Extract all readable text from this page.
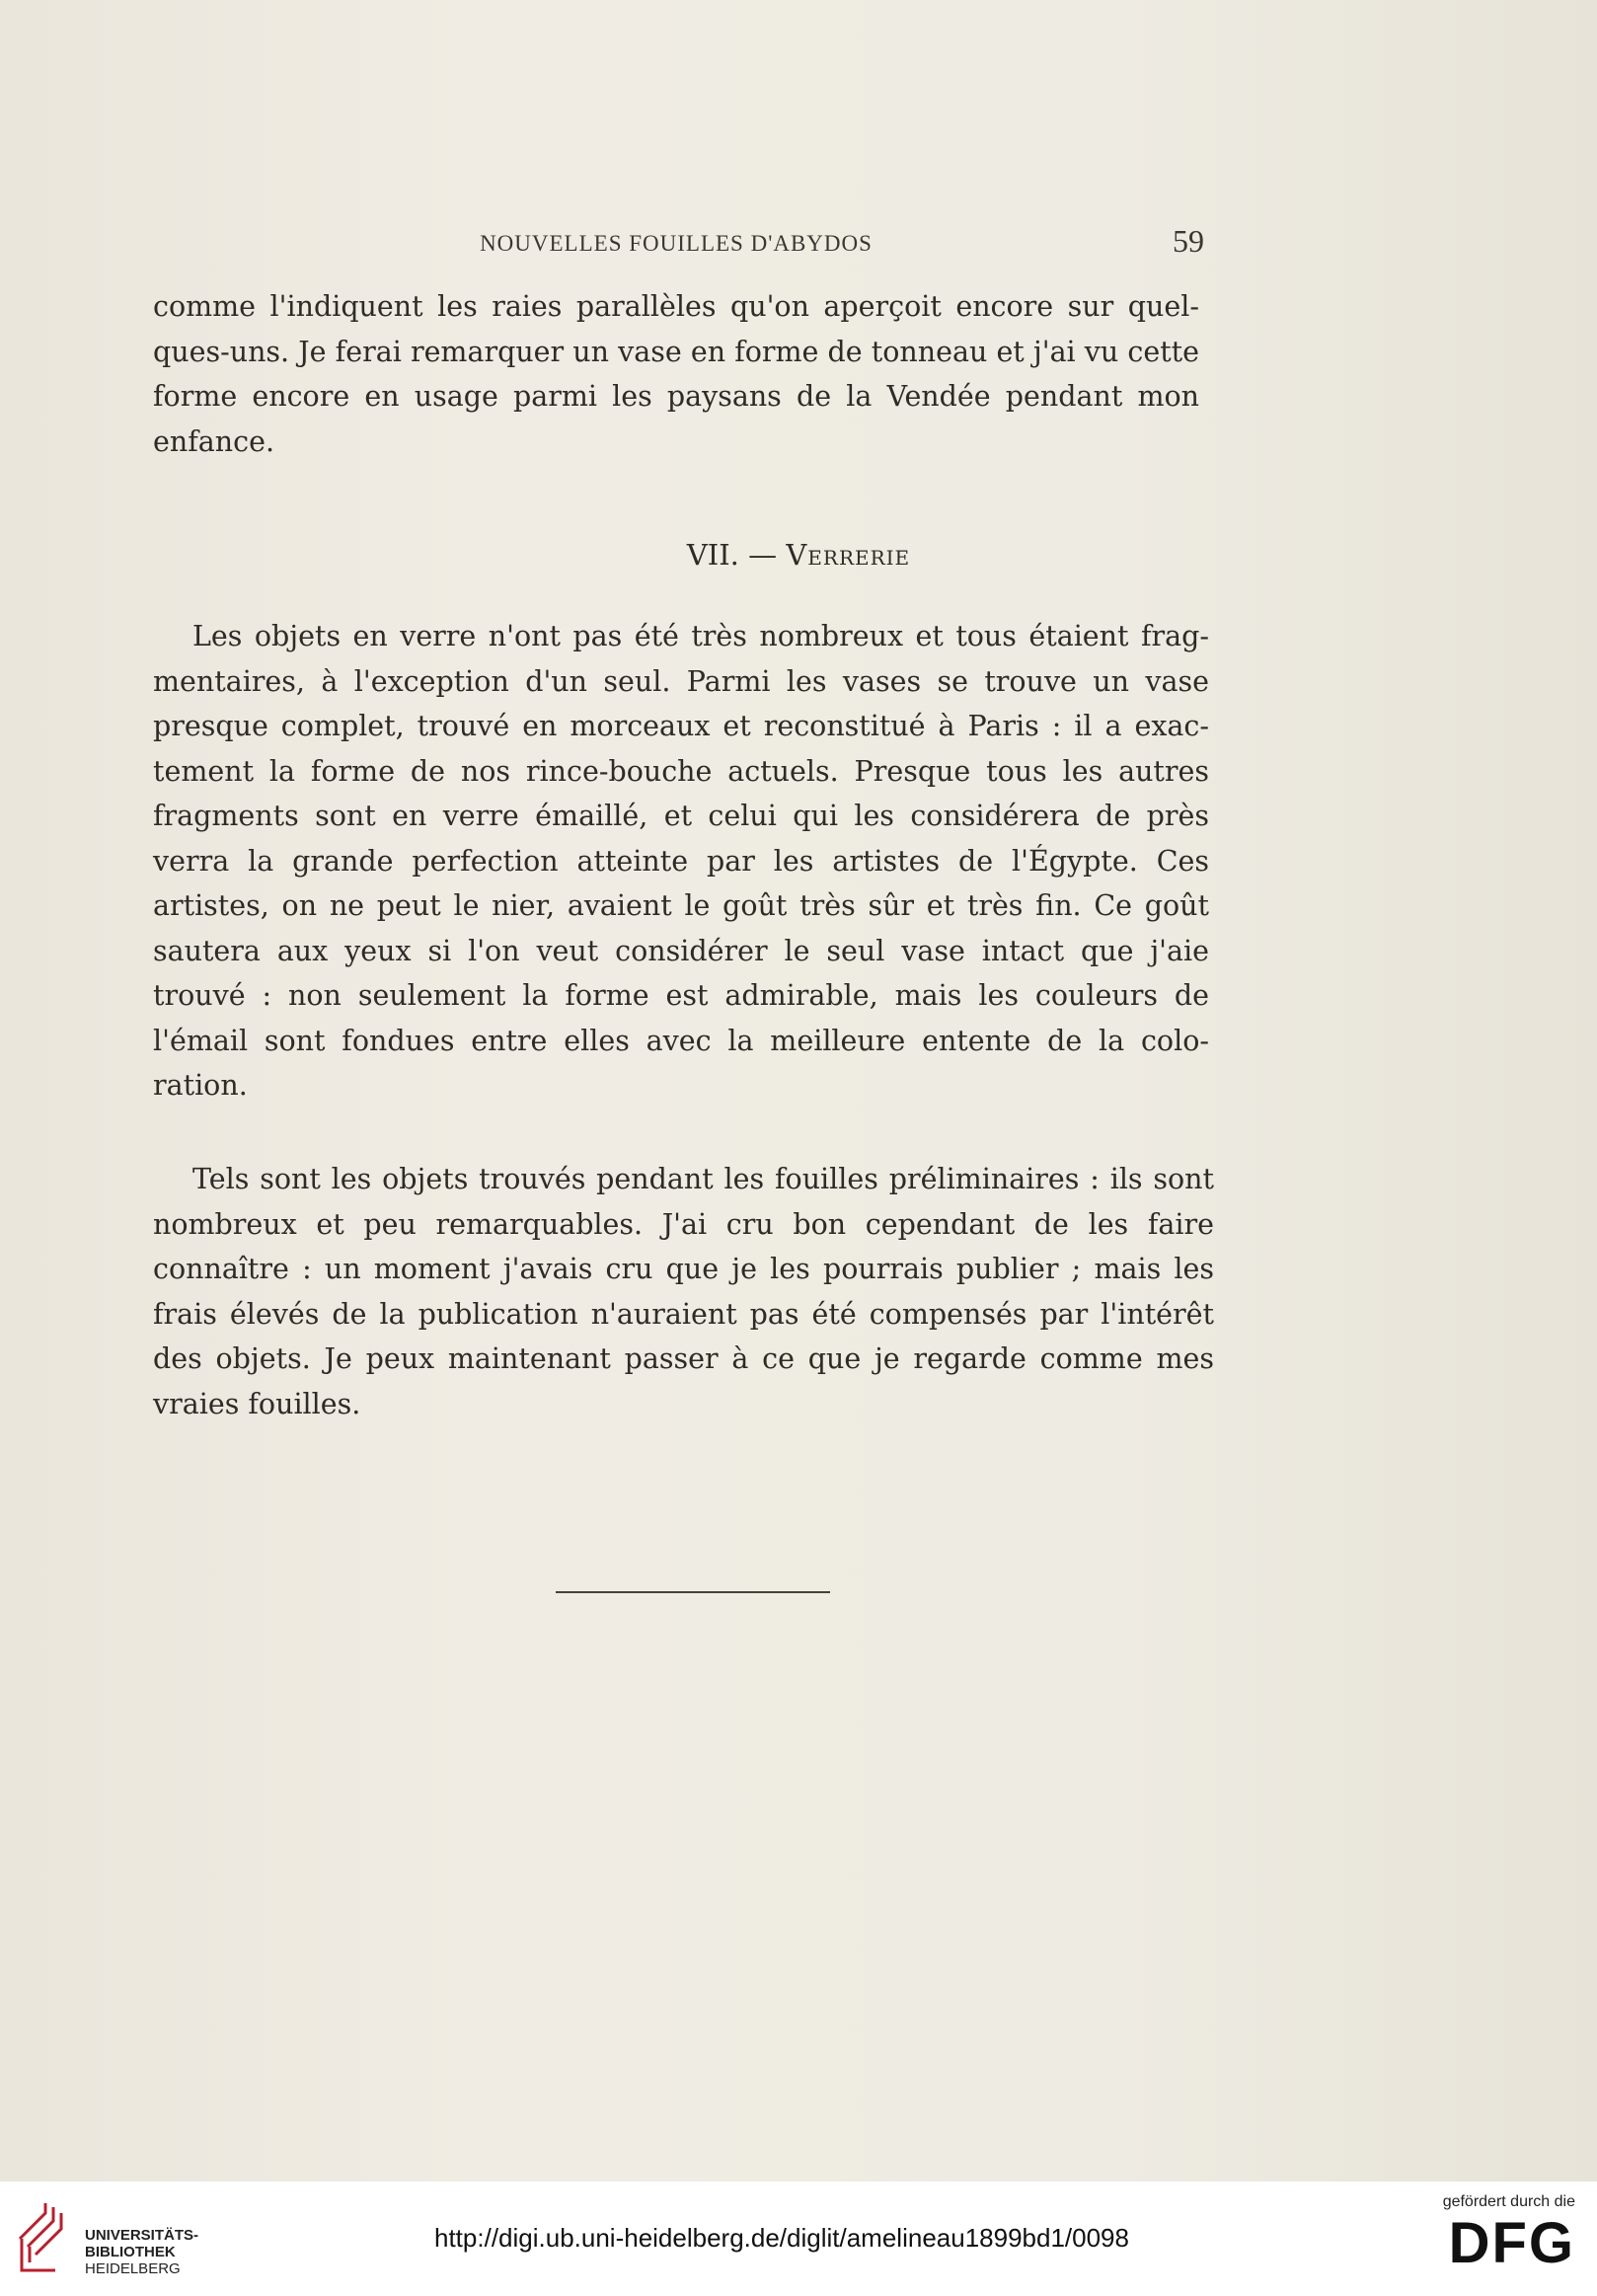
NOUVELLES FOUILLES D'ABYDOS	59

comme l'indiquent les raies parallèles qu'on aperçoit encore sur quelques-uns. Je ferai remarquer un vase en forme de tonneau et j'ai vu cette forme encore en usage parmi les paysans de la Vendée pendant mon enfance.

VII. — Verrerie

Les objets en verre n'ont pas été très nombreux et tous étaient fragmentaires, à l'exception d'un seul. Parmi les vases se trouve un vase presque complet, trouvé en morceaux et reconstitué à Paris : il a exactement la forme de nos rince-bouche actuels. Presque tous les autres fragments sont en verre émaillé, et celui qui les considérera de près verra la grande perfection atteinte par les artistes de l'Égypte. Ces artistes, on ne peut le nier, avaient le goût très sûr et très fin. Ce goût sautera aux yeux si l'on veut considérer le seul vase intact que j'aie trouvé : non seulement la forme est admirable, mais les couleurs de l'émail sont fondues entre elles avec la meilleure entente de la coloration.

Tels sont les objets trouvés pendant les fouilles préliminaires : ils sont nombreux et peu remarquables. J'ai cru bon cependant de les faire connaître : un moment j'avais cru que je les pourrais publier ; mais les frais élevés de la publication n'auraient pas été compensés par l'intérêt des objets. Je peux maintenant passer à ce que je regarde comme mes vraies fouilles.

UNIVERSITÄTS-
BIBLIOTHEK
HEIDELBERG
http://digi.ub.uni-heidelberg.de/diglit/amelineau1899bd1/0098
gefördert durch die
DFG
